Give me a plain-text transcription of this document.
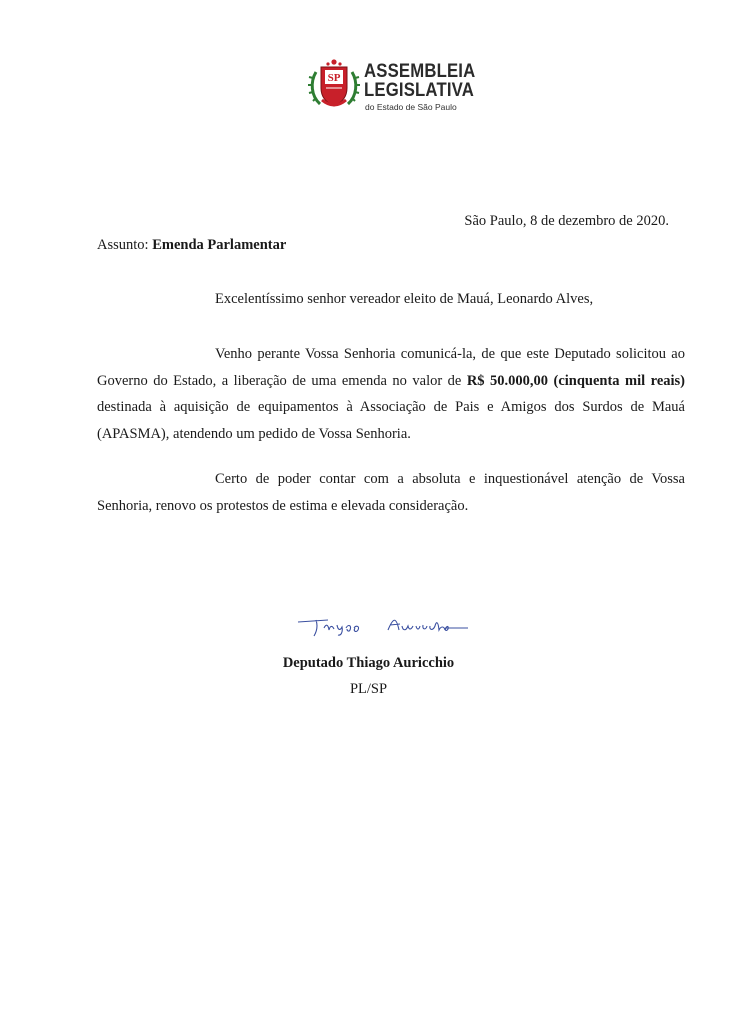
SP ASSEMBLEIA
LEGISLATIVA
do Estado de São Paulo
São Paulo, 8 de dezembro de 2020.
Assunto: Emenda Parlamentar
Excelentíssimo senhor vereador eleito de Mauá, Leonardo Alves,
Venho perante Vossa Senhoria comunicá-la, de que este Deputado solicitou ao Governo do Estado, a liberação de uma emenda no valor de R$ 50.000,00 (cinquenta mil reais) destinada à aquisição de equipamentos à Associação de Pais e Amigos dos Surdos de Mauá (APASMA), atendendo um pedido de Vossa Senhoria.
Certo de poder contar com a absoluta e inquestionável atenção de Vossa Senhoria, renovo os protestos de estima e elevada consideração.
Deputado Thiago Auricchio
PL/SP
